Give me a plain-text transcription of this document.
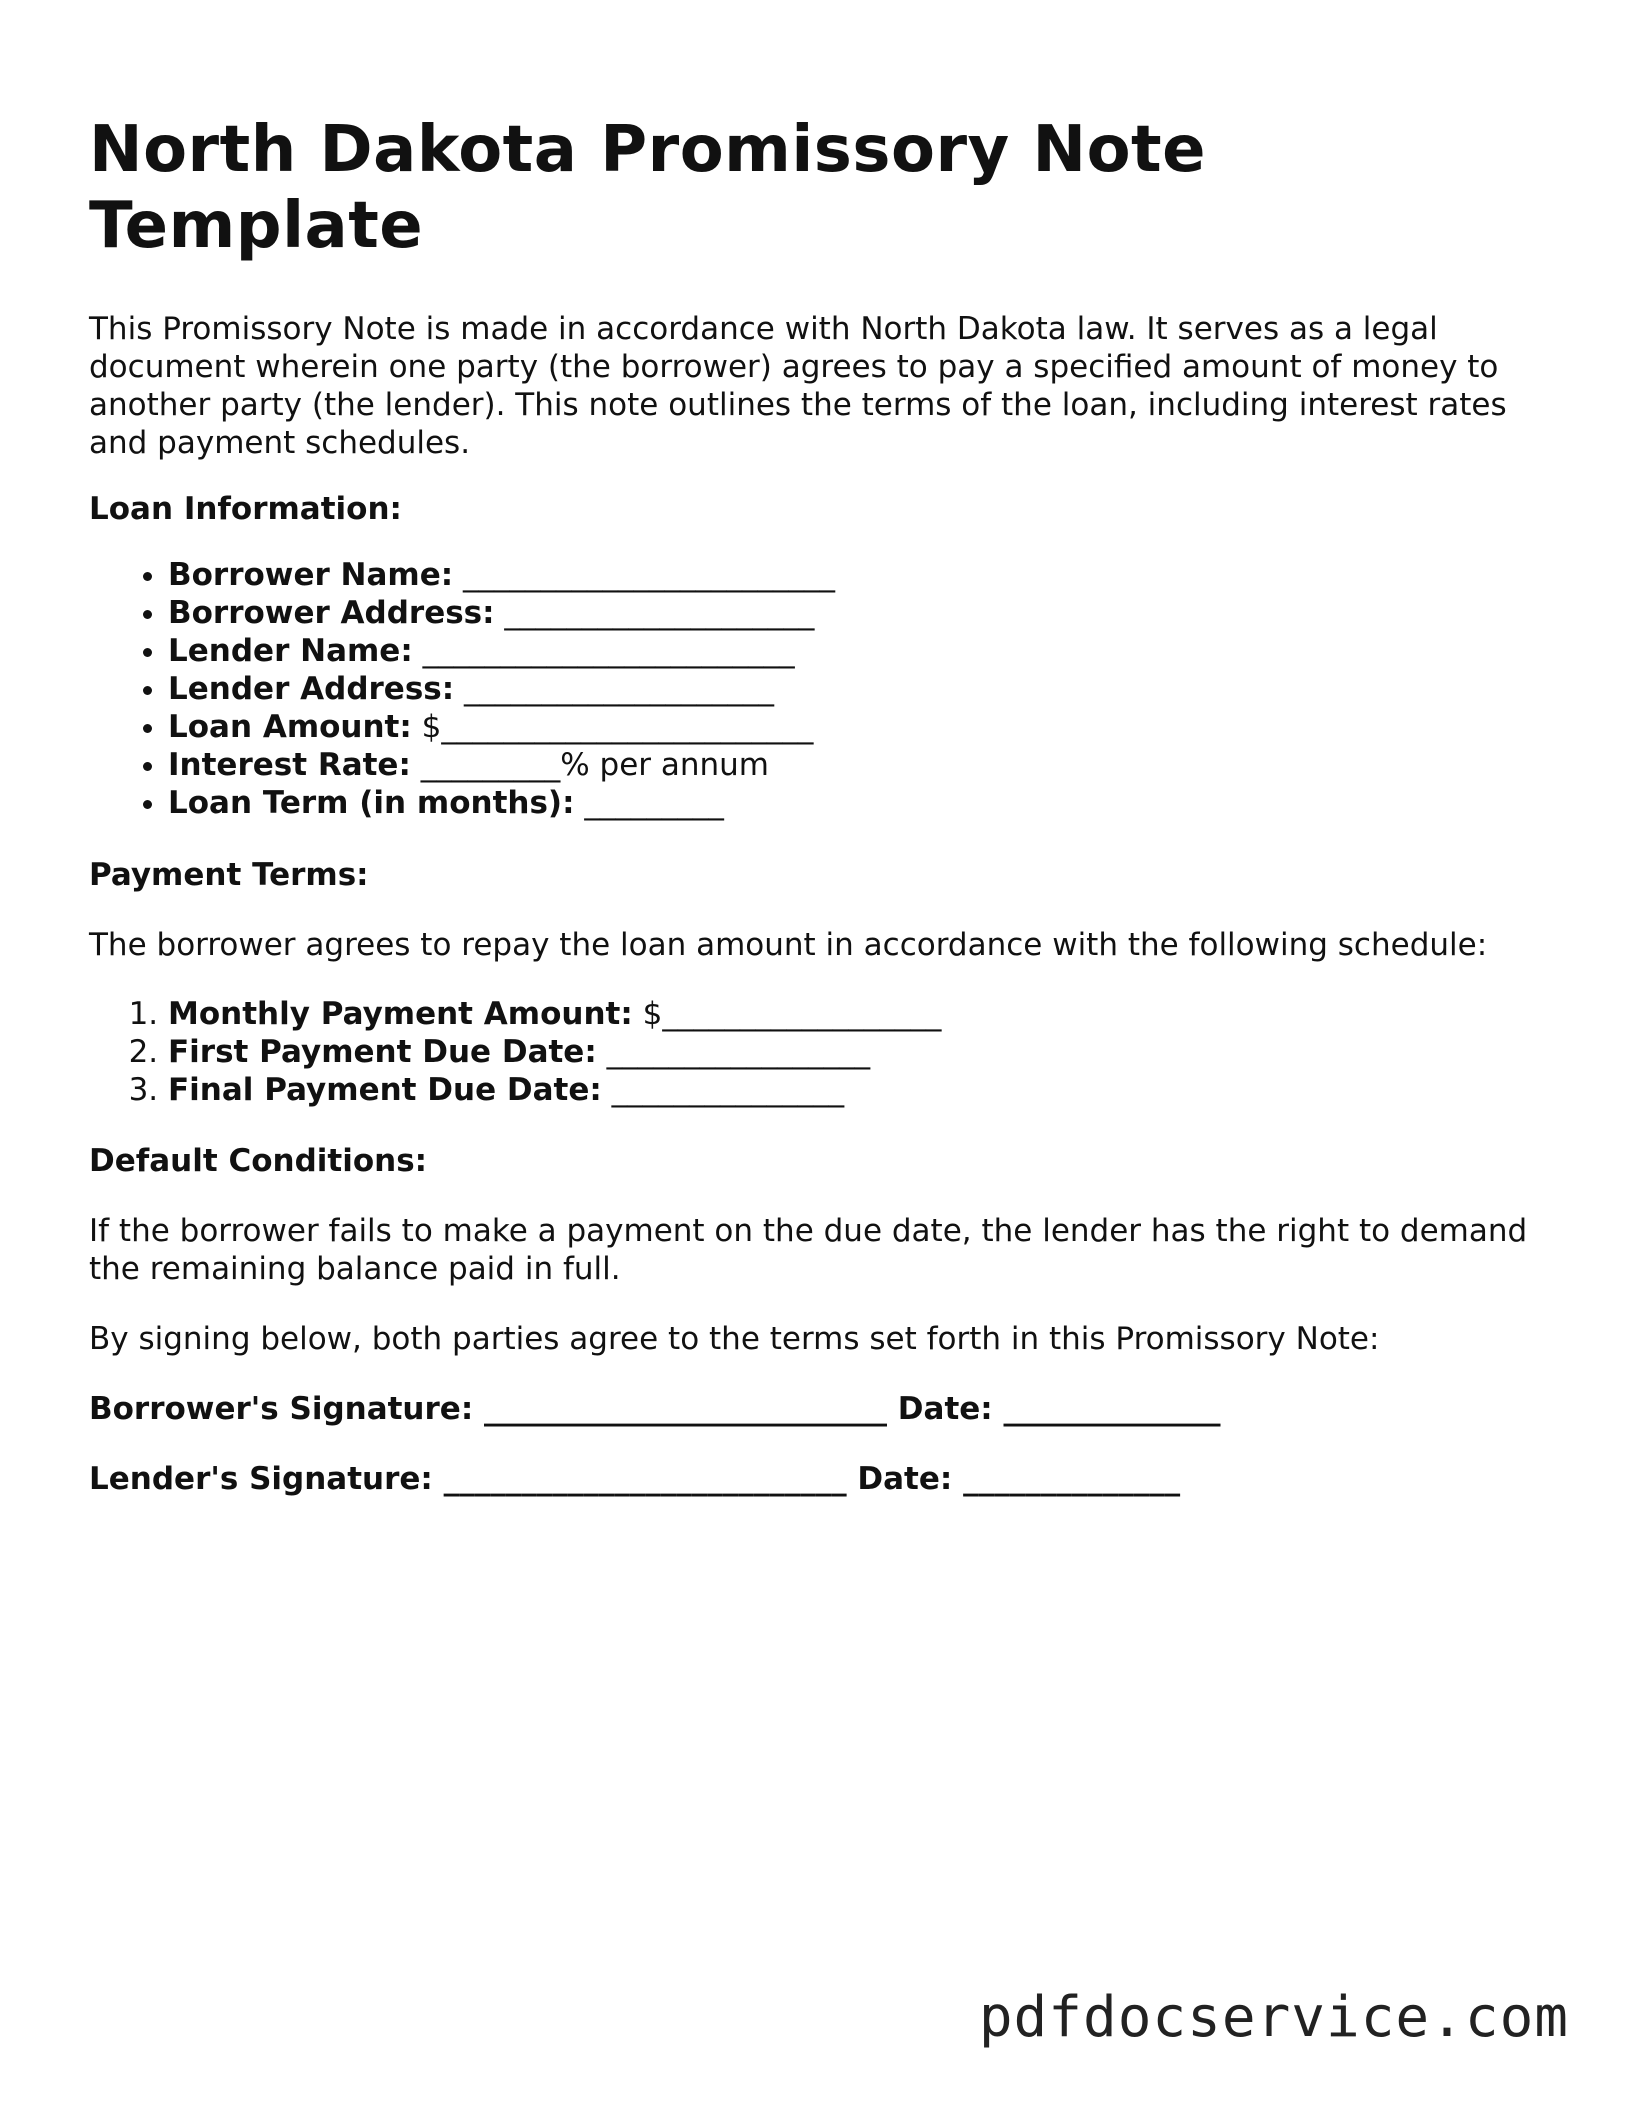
North Dakota Promissory Note Template

This Promissory Note is made in accordance with North Dakota law. It serves as a legal document wherein one party (the borrower) agrees to pay a specified amount of money to another party (the lender). This note outlines the terms of the loan, including interest rates and payment schedules.

Loan Information:
• Borrower Name: ________________________
• Borrower Address: ____________________
• Lender Name: ________________________
• Lender Address: ____________________
• Loan Amount: $________________________
• Interest Rate: _________% per annum
• Loan Term (in months): _________
Payment Terms:

The borrower agrees to repay the loan amount in accordance with the following schedule:

1. Monthly Payment Amount: $__________________
2. First Payment Due Date: _________________
3. Final Payment Due Date: _______________
Default Conditions:

If the borrower fails to make a payment on the due date, the lender has the right to demand the remaining balance paid in full.

By signing below, both parties agree to the terms set forth in this Promissory Note:

Borrower's Signature: __________________________ Date: ______________
Lender's Signature: __________________________ Date: ______________
pdfdocservice.com
